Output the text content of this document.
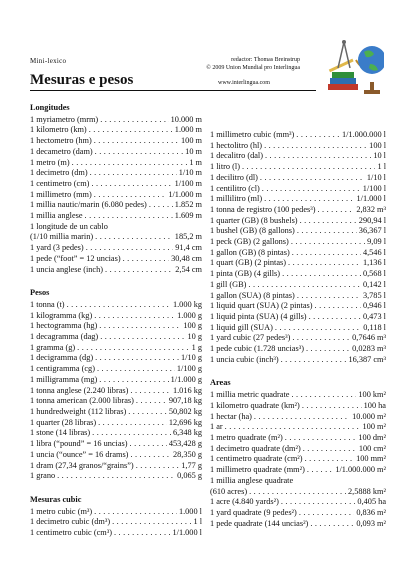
Mini-lexico	redactor: Thomas Breinstrup
© 2009 Union Mundial pro Interlingua
Mesuras e pesos	www.interlingua.com
Longitudes
1 myriametro (mrm) . . .	10.000 m
1 kilometro (km) . . .	1.000 m
1 hectometro (hm) . . .	100 m
1 decametro (dam) . . .	10 m
1 metro (m) . . .	1 m
1 decimetro (dm) . . .	1/10 m
1 centimetro (cm) . . .	1/100 m
1 millimetro (mm) . . .	1/1.000 m
1 millia nautic/marin (6.080 pedes) . . .	1.852 m
1 millia anglese . . .	1.609 m
1 longitude de un cablo
(1/10 millia marin) . . .	185,2 m
1 yard (3 pedes) . . .	91,4 cm
1 pede (“foot” = 12 uncias) . . .	30,48 cm
1 uncia anglese (inch) . . .	2,54 cm
Pesos
1 tonna (t) . . .	1.000 kg
1 kilogramma (kg) . . .	1.000 g
1 hectogramma (hg) . . .	100 g
1 decagramma (dag) . . .	10 g
1 gramma (g) . . .	1 g
1 decigramma (dg) . . .	1/10 g
1 centigramma (cg) . . .	1/100 g
1 milligramma (mg) . . .	1/1.000 g
1 tonna anglese (2.240 libras) . . .	1.016 kg
1 tonna american (2.000 libras) . . .	907,18 kg
1 hundredweight (112 libras) . . .	50,802 kg
1 quarter (28 libras) . . .	12,696 kg
1 stone (14 libras) . . .	6,348 kg
1 libra (“pound” = 16 uncias) . . .	453,428 g
1 uncia (“ounce” = 16 drams) . . .	28,350 g
1 dram (27,34 granos/“grains”) . . .	1,77 g
1 grano . . .	0,065 g
Mesuras cubic
1 metro cubic (m³) . . .	1.000 l
1 decimetro cubic (dm³) . . .	1 l
1 centimetro cubic (cm³) . . .	1/1.000 l
1 millimetro cubic (mm³) . . .	1/1.000.000 l
1 hectolitro (hl) . . .	100 l
1 decalitro (dal) . . .	10 l
1 litro (l) . . .	1 l
1 decilitro (dl) . . .	1/10 l
1 centilitro (cl) . . .	1/100 l
1 millilitro (ml) . . .	1/1.000 l
1 tonna de registro (100 pedes³) . . .	2,832 m³
1 quarter (GB) (8 bushels) . . .	290,94 l
1 bushel (GB) (8 gallons) . . .	36,367 l
1 peck (GB) (2 gallons) . . .	9,09 l
1 gallon (GB) (8 pintas) . . .	4,546 l
1 quart (GB) (2 pintas) . . .	1,136 l
1 pinta (GB) (4 gills) . . .	0,568 l
1 gill (GB) . . .	0,142 l
1 gallon (SUA) (8 pintas) . . .	3,785 l
1 liquid quart (SUA) (2 pintas) . . .	0,946 l
1 liquid pinta (SUA) (4 gills) . . .	0,473 l
1 liquid gill (SUA) . . .	0,118 l
1 yard cubic (27 pedes³) . . .	0,7646 m³
1 pede cubic (1.728 uncias³) . . .	0,0283 m³
1 uncia cubic (inch³) . . .	16,387 cm³
Areas
1 millia metric quadrate . . .	100 km²
1 kilometro quadrate (km²) . . .	100 ha
1 hectar (ha) . . .	10.000 m²
1 ar . . .	100 m²
1 metro quadrate (m²) . . .	100 dm²
1 decimetro quadrate (dm²) . . .	100 cm²
1 centimetro quadrate (cm²) . . .	100 mm²
1 millimetro quadrate (mm²) . . .	1/1.000.000 m²
1 millia anglese quadrate
(610 acres) . . .	2,5888 km²
1 acre (4.840 yards²) . . .	0,405 ha
1 yard quadrate (9 pedes²) . . .	0,836 m²
1 pede quadrate (144 uncias²) . . .	0,093 m²
